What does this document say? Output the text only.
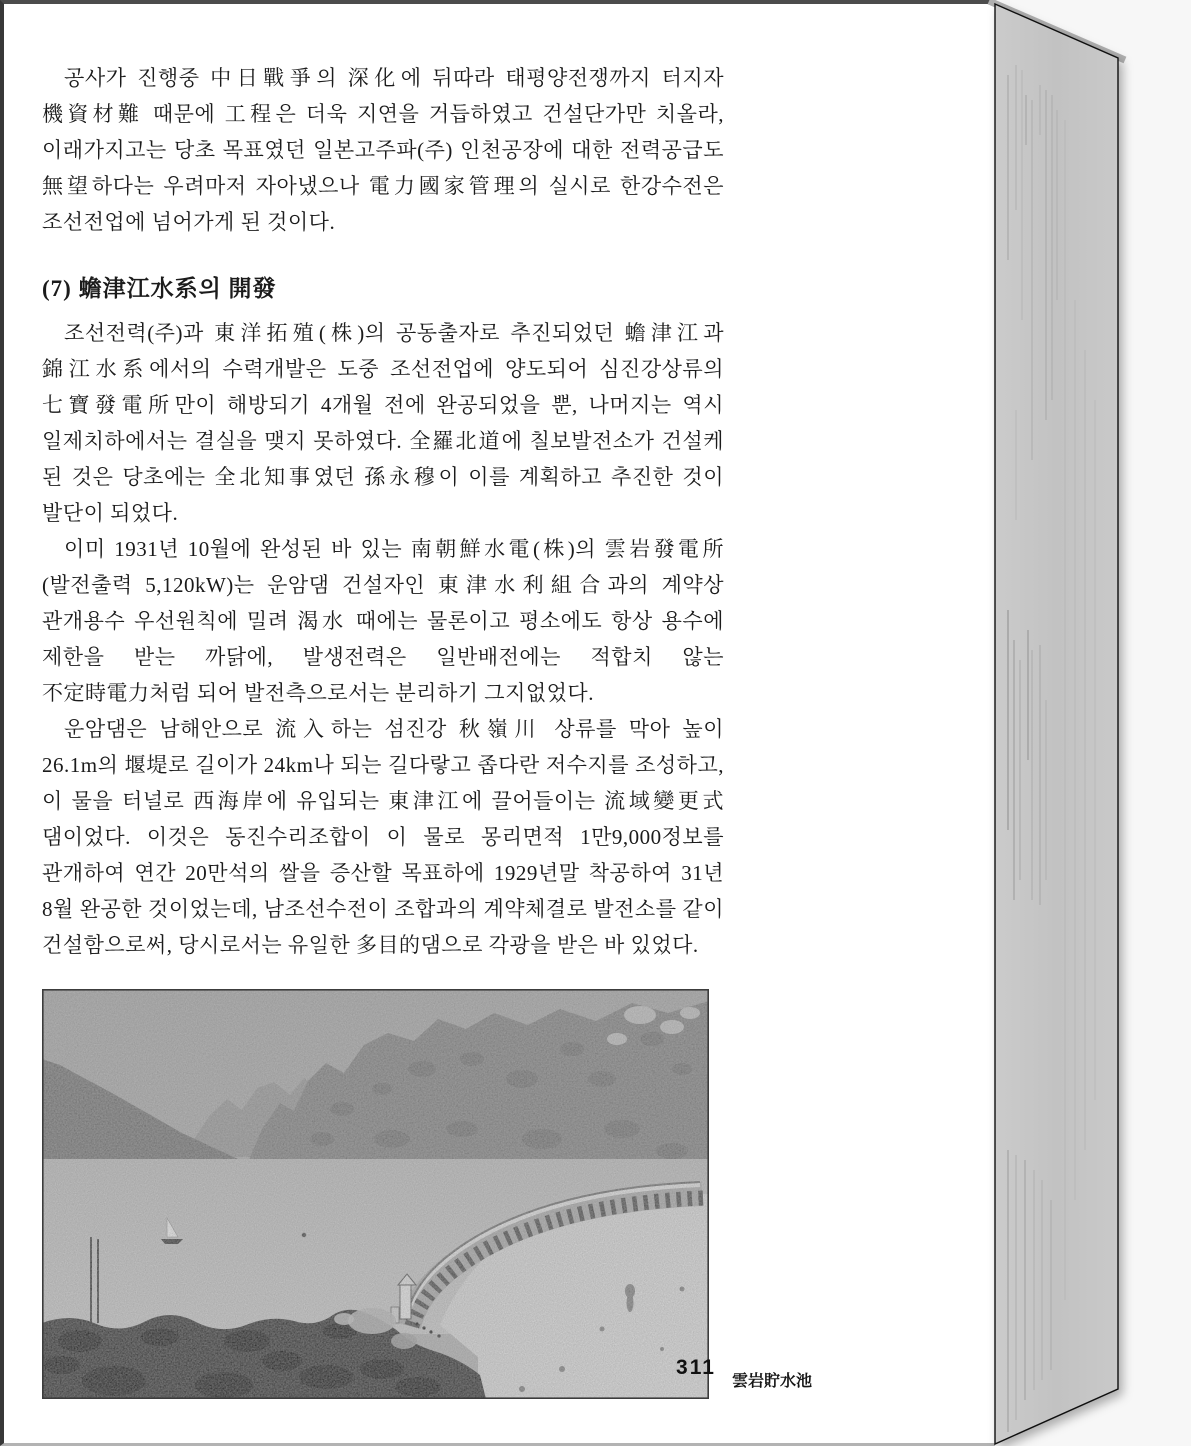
공사가 진행중 中日戰爭의 深化에 뒤따라 태평양전쟁까지 터지자 機資材難 때문에 工程은 더욱 지연을 거듭하였고 건설단가만 치올라, 이래가지고는 당초 목표였던 일본고주파(주) 인천공장에 대한 전력공급도 無望하다는 우려마저 자아냈으나 電力國家管理의 실시로 한강수전은 조선전업에 넘어가게 된 것이다.

(7) 蟾津江水系의 開發

조선전력(주)과 東洋拓殖(株)의 공동출자로 추진되었던 蟾津江과 錦江水系에서의 수력개발은 도중 조선전업에 양도되어 심진강상류의 七寶發電所만이 해방되기 4개월 전에 완공되었을 뿐, 나머지는 역시 일제치하에서는 결실을 맺지 못하였다. 全羅北道에 칠보발전소가 건설케 된 것은 당초에는 全北知事였던 孫永穆이 이를 계획하고 추진한 것이 발단이 되었다.

이미 1931년 10월에 완성된 바 있는 南朝鮮水電(株)의 雲岩發電所(발전출력 5,120kW)는 운암댐 건설자인 東津水利組合과의 계약상 관개용수 우선원칙에 밀려 渴水 때에는 물론이고 평소에도 항상 용수에 제한을 받는 까닭에, 발생전력은 일반배전에는 적합치 않는 不定時電力처럼 되어 발전측으로서는 분리하기 그지없었다.

운암댐은 남해안으로 流入하는 섬진강 秋嶺川 상류를 막아 높이 26.1m의 堰堤로 길이가 24km나 되는 길다랗고 좁다란 저수지를 조성하고, 이 물을 터널로 西海岸에 유입되는 東津江에 끌어들이는 流域變更式 댐이었다. 이것은 동진수리조합이 이 물로 몽리면적 1만9,000정보를 관개하여 연간 20만석의 쌀을 증산할 목표하에 1929년말 착공하여 31년 8월 완공한 것이었는데, 남조선수전이 조합과의 계약체결로 발전소를 같이 건설함으로써, 당시로서는 유일한 多目的댐으로 각광을 받은 바 있었다.

雲岩貯水池
311
